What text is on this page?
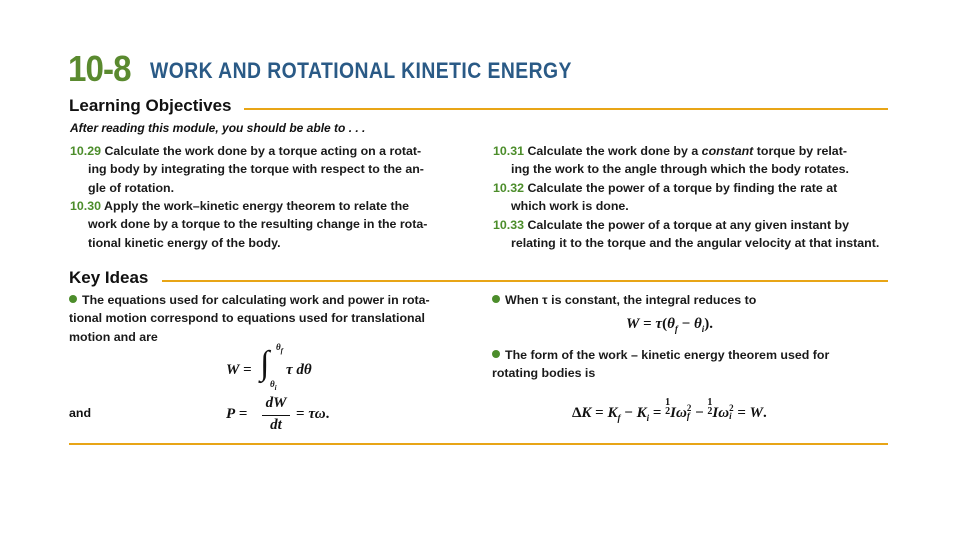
10-8 WORK AND ROTATIONAL KINETIC ENERGY
Learning Objectives
After reading this module, you should be able to . . .
10.29 Calculate the work done by a torque acting on a rotat-
ing body by integrating the torque with respect to the an-
gle of rotation.
10.30 Apply the work–kinetic energy theorem to relate the
work done by a torque to the resulting change in the rota-
tional kinetic energy of the body.
10.31 Calculate the work done by a constant torque by relat-
ing the work to the angle through which the body rotates.
10.32 Calculate the power of a torque by finding the rate at
which work is done.
10.33 Calculate the power of a torque at any given instant by
relating it to the torque and the angular velocity at that instant.
Key Ideas
The equations used for calculating work and power in rota-
tional motion correspond to equations used for translational
motion and are
W = ∫ $\theta_f$
$\theta_i$
τ dθ
and	P =
dW
dt
= τω.
When τ is constant, the integral reduces to
$W = \tau(\theta_f - \theta_i)$.
The form of the work – kinetic energy theorem used for
rotating bodies is
$\Delta K = K_f - K_i = 1$
2Iω2
f − 1
2Iω2
i = W.
